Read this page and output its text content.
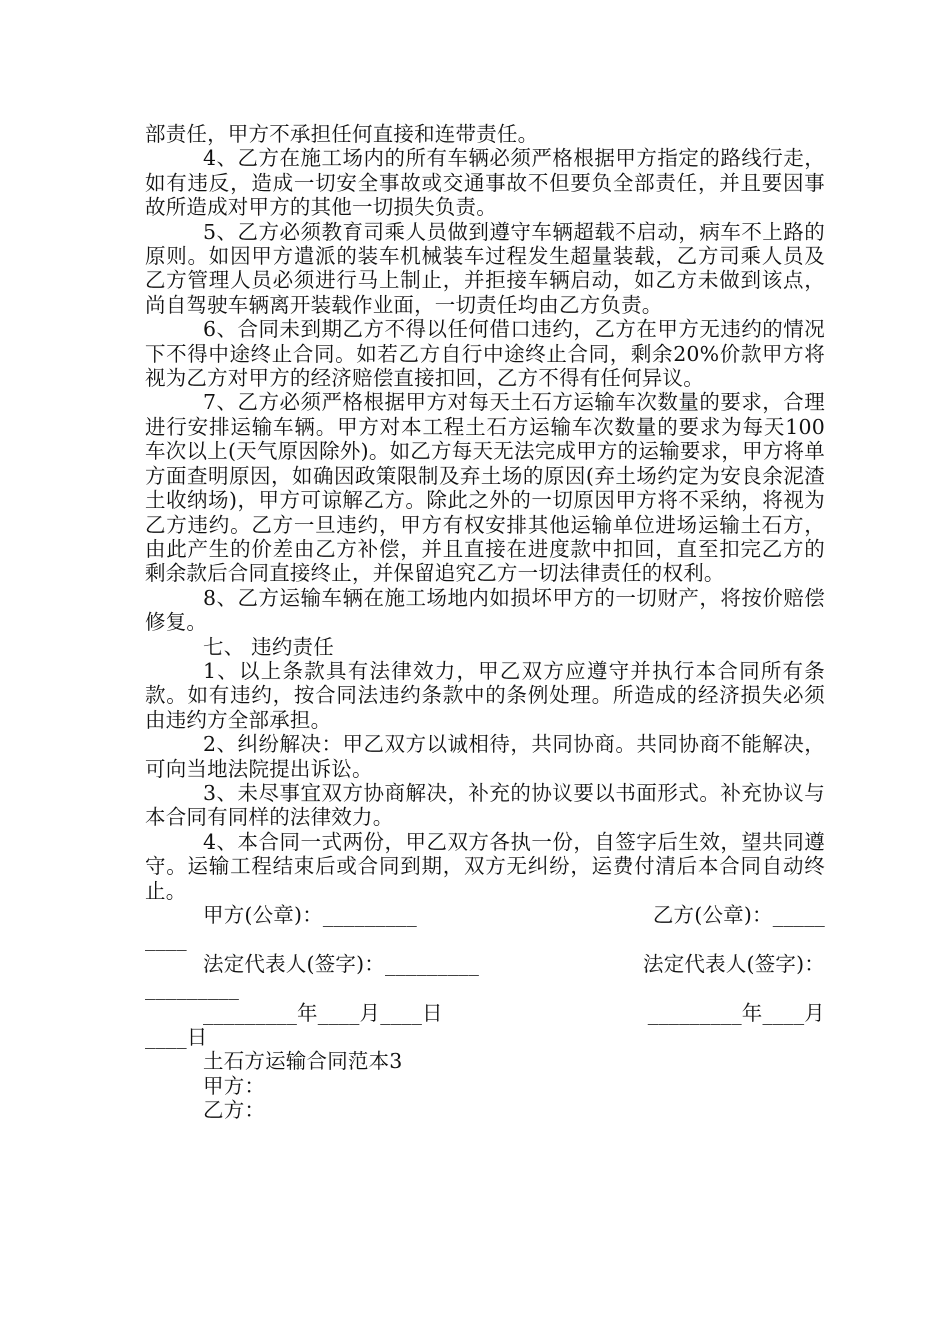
部责任，甲方不承担任何直接和连带责任。

4、乙方在施工场内的所有车辆必须严格根据甲方指定的路线行走，如有违反，造成一切安全事故或交通事故不但要负全部责任，并且要因事故所造成对甲方的其他一切损失负责。

5、乙方必须教育司乘人员做到遵守车辆超载不启动，病车不上路的原则。如因甲方遣派的装车机械装车过程发生超量装载，乙方司乘人员及乙方管理人员必须进行马上制止，并拒接车辆启动，如乙方未做到该点，尚自驾驶车辆离开装载作业面，一切责任均由乙方负责。

6、合同未到期乙方不得以任何借口违约，乙方在甲方无违约的情况下不得中途终止合同。如若乙方自行中途终止合同，剩余20%价款甲方将视为乙方对甲方的经济赔偿直接扣回，乙方不得有任何异议。

7、乙方必须严格根据甲方对每天土石方运输车次数量的要求，合理进行安排运输车辆。甲方对本工程土石方运输车次数量的要求为每天100车次以上(天气原因除外)。如乙方每天无法完成甲方的运输要求，甲方将单方面查明原因，如确因政策限制及弃土场的原因(弃土场约定为安良余泥渣土收纳场)，甲方可谅解乙方。除此之外的一切原因甲方将不采纳，将视为乙方违约。乙方一旦违约，甲方有权安排其他运输单位进场运输土石方，由此产生的价差由乙方补偿，并且直接在进度款中扣回，直至扣完乙方的剩余款后合同直接终止，并保留追究乙方一切法律责任的权利。

8、乙方运输车辆在施工场地内如损坏甲方的一切财产，将按价赔偿修复。

七、 违约责任

1、以上条款具有法律效力，甲乙双方应遵守并执行本合同所有条款。如有违约，按合同法违约条款中的条例处理。所造成的经济损失必须由违约方全部承担。

2、纠纷解决：甲乙双方以诚相待，共同协商。共同协商不能解决，可向当地法院提出诉讼。

3、未尽事宜双方协商解决，补充的协议要以书面形式。补充协议与本合同有同样的法律效力。

4、本合同一式两份，甲乙双方各执一份，自签字后生效，望共同遵守。运输工程结束后或合同到期，双方无纠纷，运费付清后本合同自动终止。

甲方(公章)：_________	乙方(公章)：_____
____
法定代表人(签字)：_________	法定代表人(签字)：
_________
_________年____月____日	_________年____月
____日

土石方运输合同范本3

甲方：

乙方：
